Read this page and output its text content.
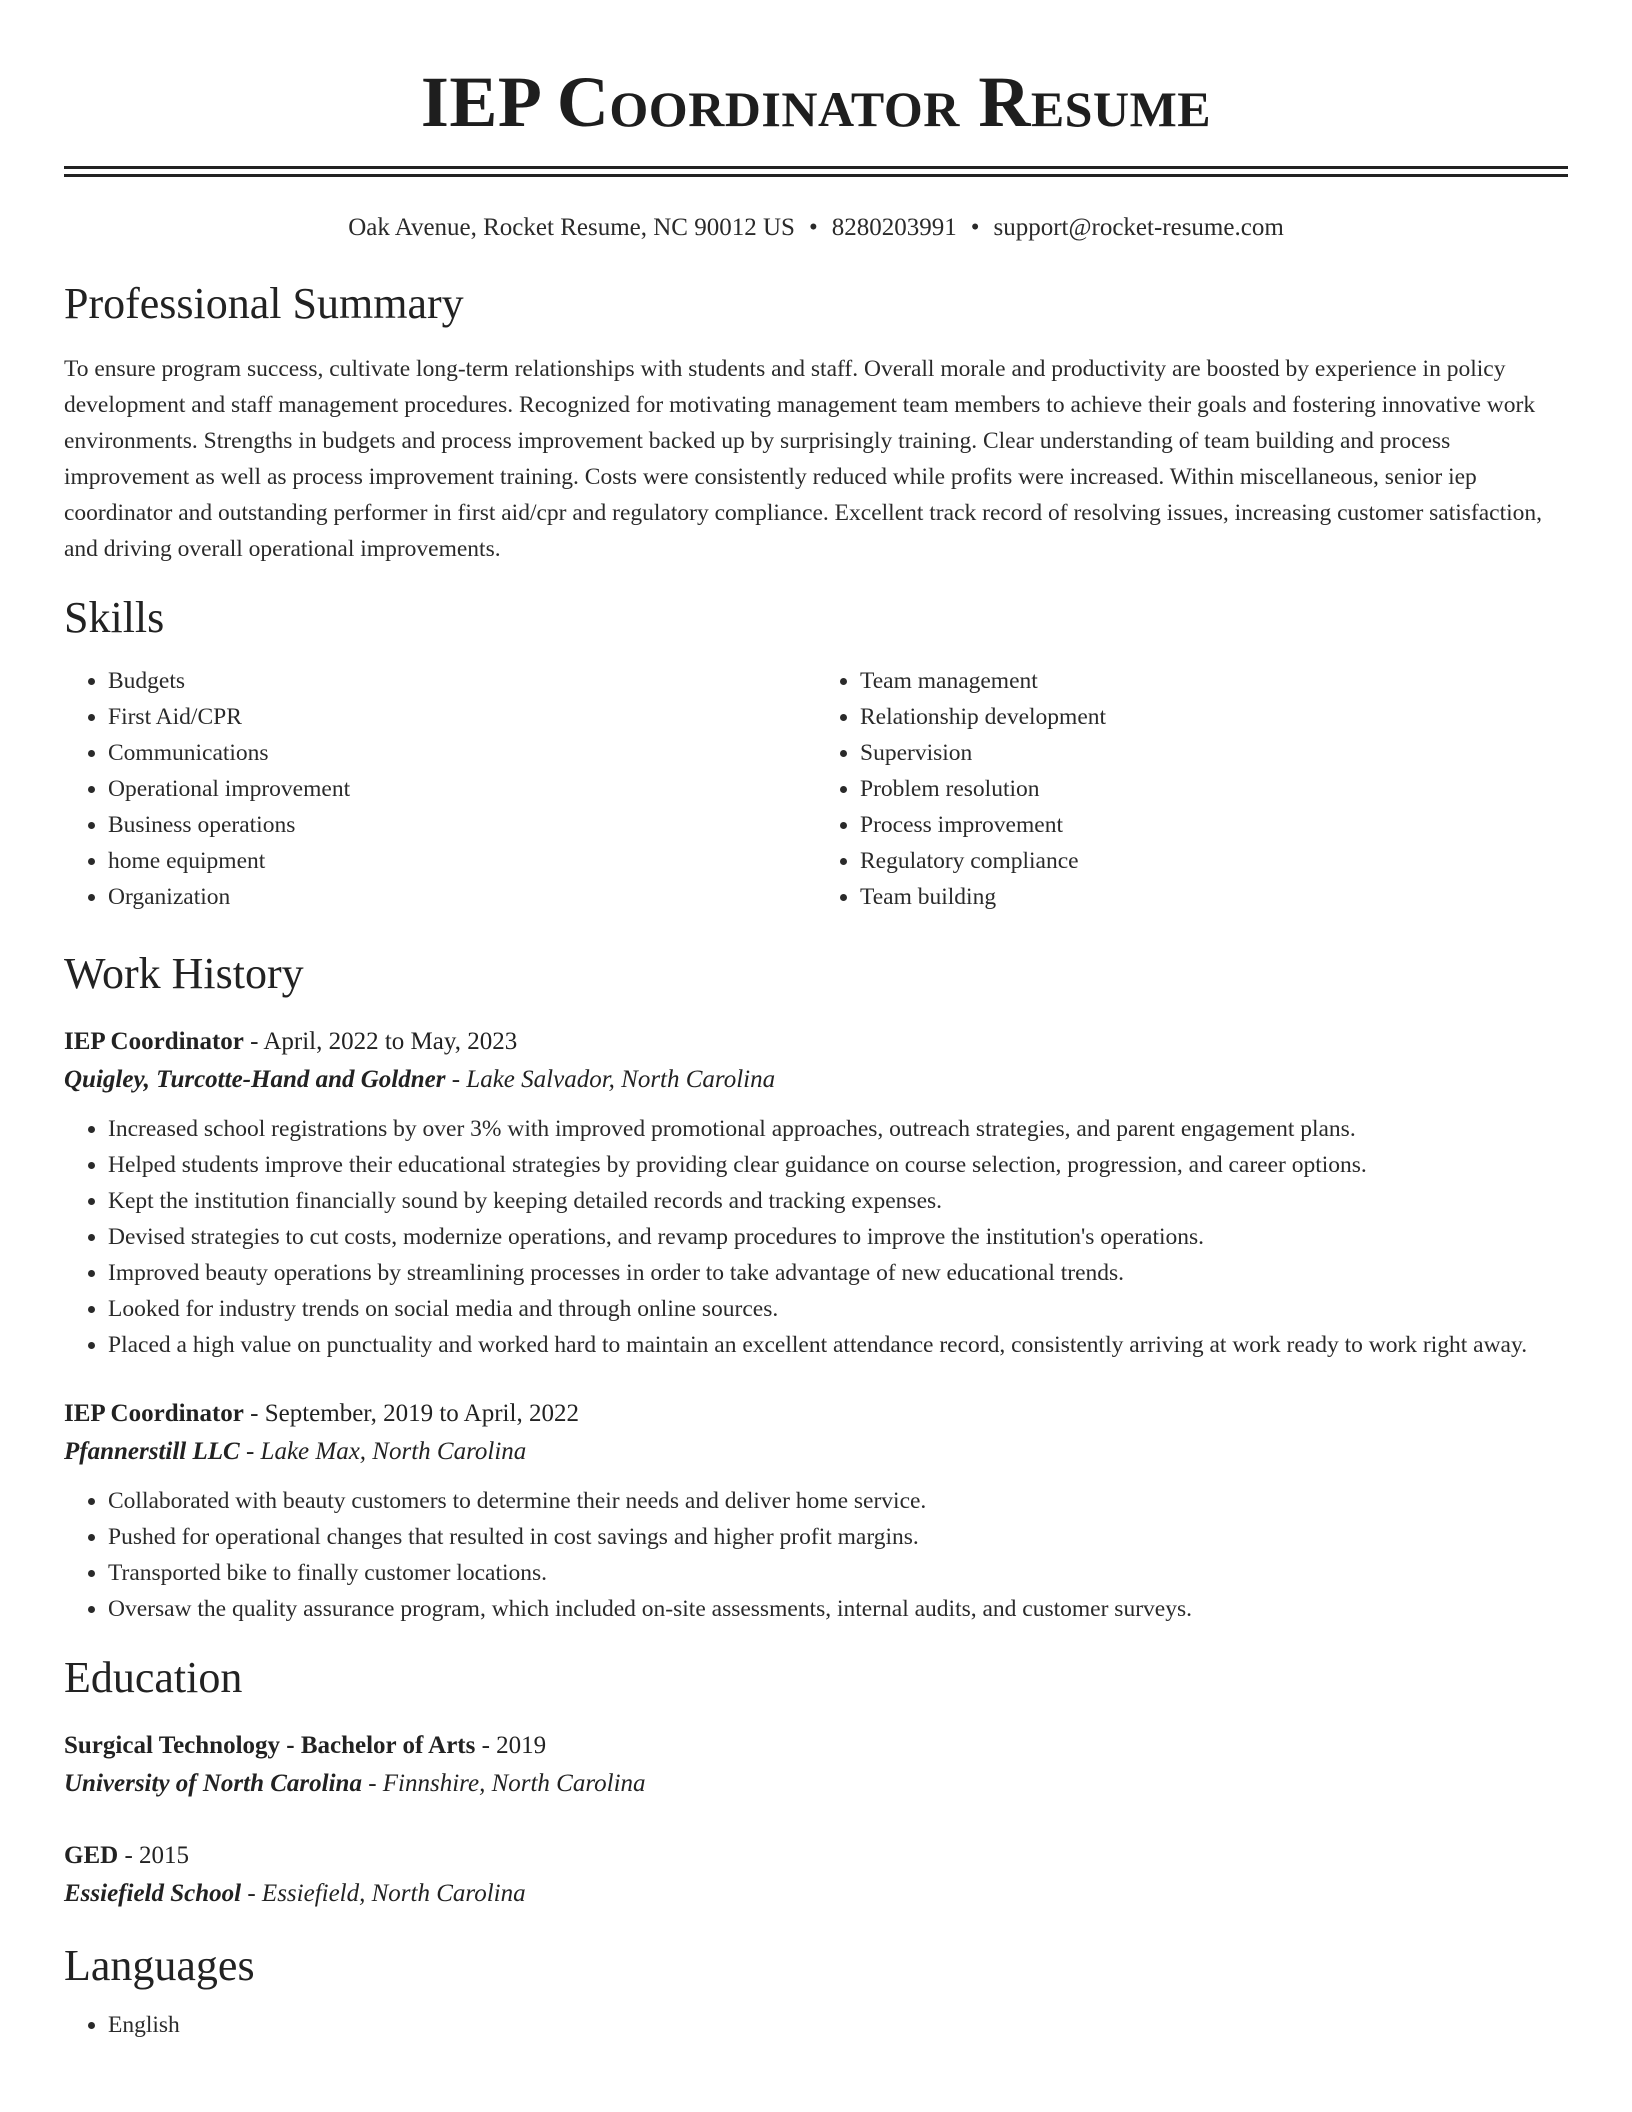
IEP Coordinator Resume
Oak Avenue, Rocket Resume, NC 90012 US • 8280203991 • support@rocket-resume.com
Professional Summary
To ensure program success, cultivate long-term relationships with students and staff. Overall morale and productivity are boosted by experience in policy development and staff management procedures. Recognized for motivating management team members to achieve their goals and fostering innovative work environments. Strengths in budgets and process improvement backed up by surprisingly training. Clear understanding of team building and process improvement as well as process improvement training. Costs were consistently reduced while profits were increased. Within miscellaneous, senior iep coordinator and outstanding performer in first aid/cpr and regulatory compliance. Excellent track record of resolving issues, increasing customer satisfaction, and driving overall operational improvements.
Skills
• Budgets
• First Aid/CPR
• Communications
• Operational improvement
• Business operations
• home equipment
• Organization
• Team management
• Relationship development
• Supervision
• Problem resolution
• Process improvement
• Regulatory compliance
• Team building
Work History
IEP Coordinator - April, 2022 to May, 2023
Quigley, Turcotte-Hand and Goldner - Lake Salvador, North Carolina
• Increased school registrations by over 3% with improved promotional approaches, outreach strategies, and parent engagement plans.
• Helped students improve their educational strategies by providing clear guidance on course selection, progression, and career options.
• Kept the institution financially sound by keeping detailed records and tracking expenses.
• Devised strategies to cut costs, modernize operations, and revamp procedures to improve the institution's operations.
• Improved beauty operations by streamlining processes in order to take advantage of new educational trends.
• Looked for industry trends on social media and through online sources.
• Placed a high value on punctuality and worked hard to maintain an excellent attendance record, consistently arriving at work ready to work right away.
IEP Coordinator - September, 2019 to April, 2022
Pfannerstill LLC - Lake Max, North Carolina
• Collaborated with beauty customers to determine their needs and deliver home service.
• Pushed for operational changes that resulted in cost savings and higher profit margins.
• Transported bike to finally customer locations.
• Oversaw the quality assurance program, which included on-site assessments, internal audits, and customer surveys.
Education
Surgical Technology - Bachelor of Arts - 2019
University of North Carolina - Finnshire, North Carolina
GED - 2015
Essiefield School - Essiefield, North Carolina
Languages
• English
